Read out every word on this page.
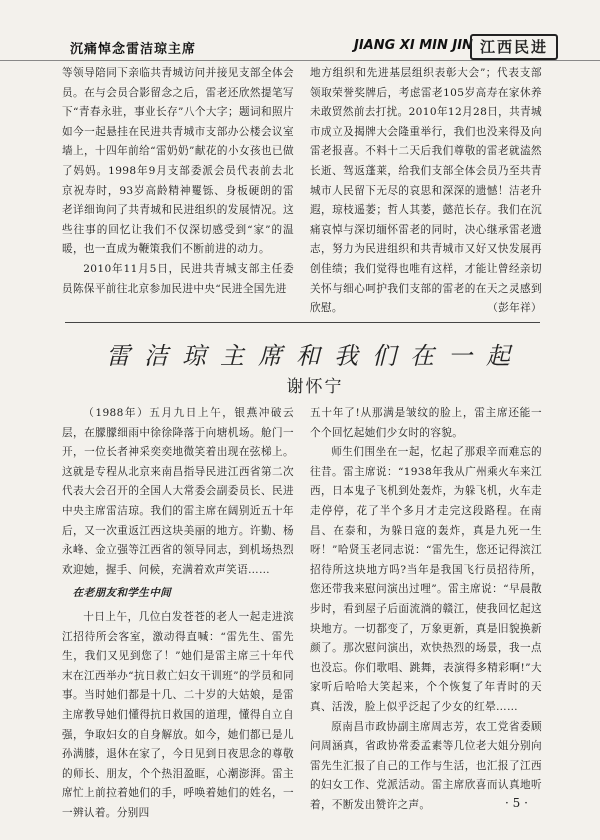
沉痛悼念雷洁琼主席	JIANG XI MIN JIN 江西民进

等领导陪同下亲临共青城访问并接见支部全体会员。在与会员合影留念之后，雷老还欣然提笔写下“青春永驻，事业长存”八个大字；题词和照片如今一起悬挂在民进共青城市支部办公楼会议室墙上，十四年前给“雷奶奶”献花的小女孩也已做了妈妈。1998年9月支部委派会员代表前去北京祝寿时，93岁高龄精神矍铄、身板硬朗的雷老详细询问了共青城和民进组织的发展情况。这些往事的回忆让我们不仅深切感受到“家”的温暖，也一直成为鞭策我们不断前进的动力。

2010年11月5日，民进共青城支部主任委员陈保平前往北京参加民进中央“民进全国先进

地方组织和先进基层组织表彰大会”；代表支部领取荣誉奖牌后，考虑雷老105岁高寿在家休养未敢贸然前去打扰。2010年12月28日，共青城市成立及揭牌大会隆重举行，我们也没来得及向雷老报喜。不料十二天后我们尊敬的雷老就溘然长逝、驾返蓬莱，给我们支部全体会员乃至共青城市人民留下无尽的哀思和深深的遗憾！洁老升遐，琼枝遥萎；哲人其萎，懿范长存。我们在沉痛哀悼与深切缅怀雷老的同时，决心继承雷老遗志，努力为民进组织和共青城市又好又快发展再创佳绩；我们觉得也唯有这样，才能让曾经亲切关怀与细心呵护我们支部的雷老的在天之灵感到欣慰。	（彭年祥）

雷洁琼主席和我们在一起
谢怀宁

（1988年）五月九日上午，银燕冲破云层，在朦朦细雨中徐徐降落于向塘机场。舱门一开，一位长者神采奕奕地微笑着出现在弦梯上。这就是专程从北京来南昌指导民进江西省第二次代表大会召开的全国人大常委会副委员长、民进中央主席雷洁琼。我们的雷主席在阔别近五十年后，又一次重返江西这块美丽的地方。许勤、杨永峰、金立强等江西省的领导同志，到机场热烈欢迎她，握手、问候，充满着欢声笑语……

在老朋友和学生中间

十日上午，几位白发苍苍的老人一起走进滨江招待所会客室，激动得直喊：“雷先生、雷先生，我们又见到您了！”她们是雷主席三十年代末在江西举办“抗日救亡妇女干训班”的学员和同事。当时她们都是十几、二十岁的大姑娘，是雷主席教导她们懂得抗日救国的道理，懂得自立自强，争取妇女的自身解放。如今，她们都已是儿孙满膝，退休在家了，今日见到日夜思念的尊敬的师长、朋友，个个热泪盈眶，心潮澎湃。雷主席忙上前拉着她们的手，呼唤着她们的姓名，一一辨认着。分别四

五十年了!从那满是皱纹的脸上，雷主席还能一个个回忆起她们少女时的容貌。

师生们围坐在一起，忆起了那艰辛而难忘的往昔。雷主席说：“1938年我从广州乘火车来江西，日本鬼子飞机到处轰炸，为躲飞机，火车走走停停，花了半个多月才走完这段路程。在南昌、在泰和，为躲日寇的轰炸，真是九死一生呀！”哈贤玉老同志说：“雷先生，您还记得滨江招待所这块地方吗?当年是我国飞行员招待所，您还带我来慰问演出过哩”。雷主席说：“早晨散步时，看到屋子后面流淌的赣江，使我回忆起这块地方。一切都变了，万象更新，真是旧貌换新颜了。那次慰问演出，欢快热烈的场景，我一点也没忘。你们歌唱、跳舞，表演得多精彩啊!”大家听后哈哈大笑起来，个个恢复了年青时的天真、活泼，脸上似乎泛起了少女的红晕……

原南昌市政协副主席周志芳，农工党省委顾问周涵真，省政协常委孟素等几位老大姐分别向雷先生汇报了自己的工作与生活，也汇报了江西的妇女工作、党派活动。雷主席欣喜而认真地听着，不断发出赞许之声。	· 5 ·
